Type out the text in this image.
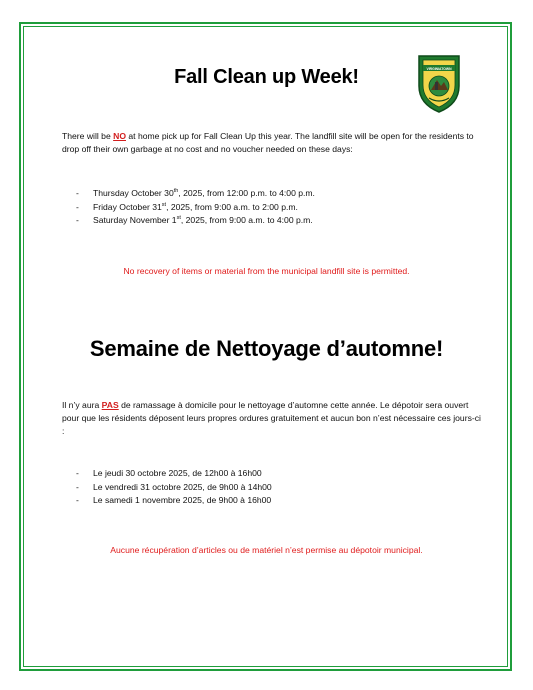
VIRGINIATOWN
Fall Clean up Week!
There will be NO at home pick up for Fall Clean Up this year. The landfill site will be open for the residents to drop off their own garbage at no cost and no voucher needed on these days:
- Thursday October 30th, 2025, from 12:00 p.m. to 4:00 p.m.
- Friday October 31st, 2025, from 9:00 a.m. to 2:00 p.m.
- Saturday November 1st, 2025, from 9:00 a.m. to 4:00 p.m.
No recovery of items or material from the municipal landfill site is permitted.
Semaine de Nettoyage d’automne!
Il n’y aura PAS de ramassage à domicile pour le nettoyage d’automne cette année. Le dépotoir sera ouvert pour que les résidents déposent leurs propres ordures gratuitement et aucun bon n’est nécessaire ces jours-ci :
- Le jeudi 30 octobre 2025, de 12h00 à 16h00
- Le vendredi 31 octobre 2025, de 9h00 à 14h00
- Le samedi 1 novembre 2025, de 9h00 à 16h00
Aucune récupération d’articles ou de matériel n’est permise au dépotoir municipal.
